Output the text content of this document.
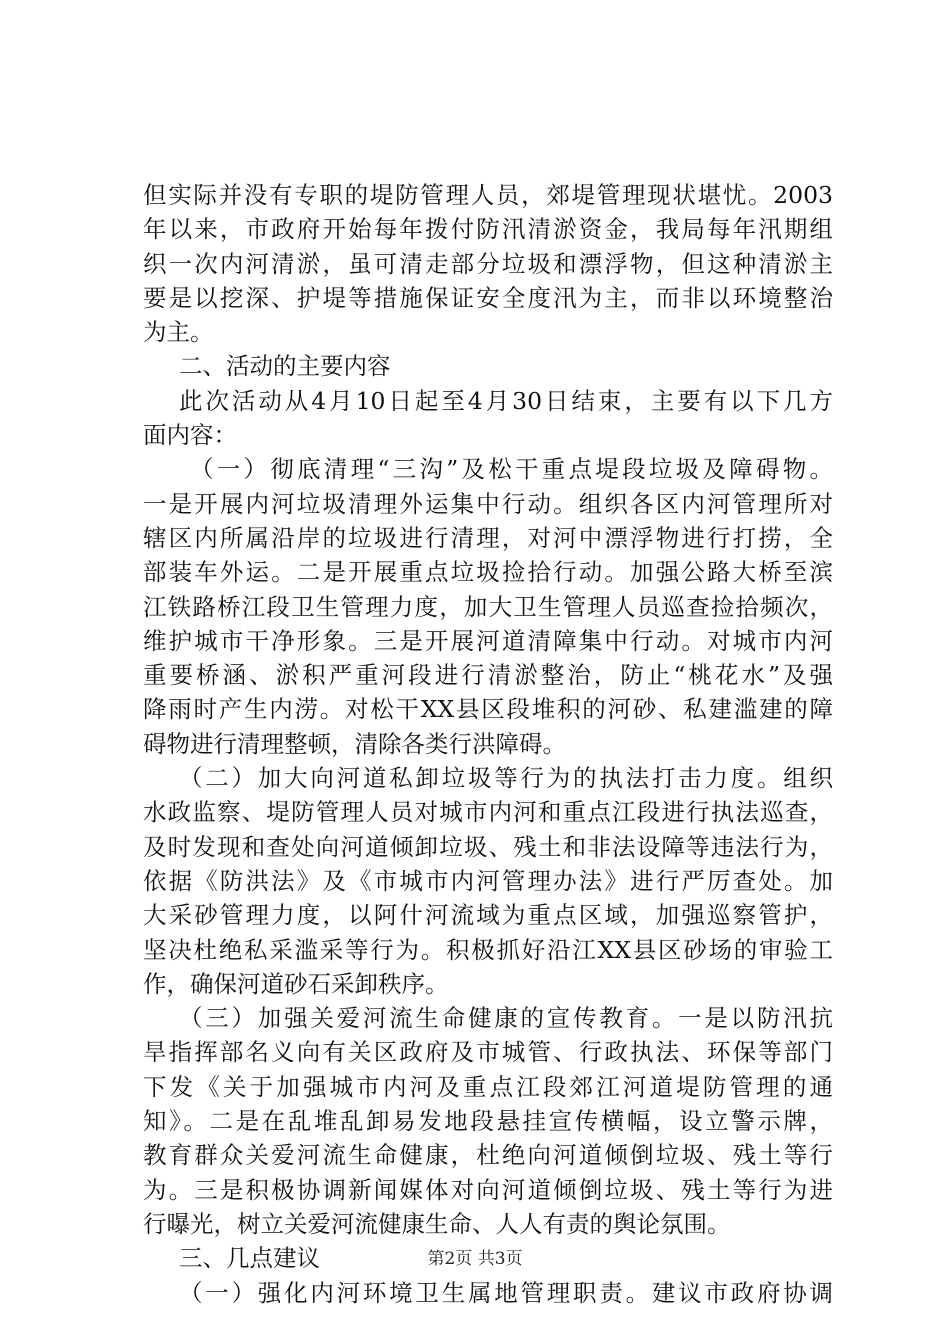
但实际并没有专职的堤防管理人员，郊堤管理现状堪忧。2003
年以来，市政府开始每年拨付防汛清淤资金，我局每年汛期组
织一次内河清淤，虽可清走部分垃圾和漂浮物，但这种清淤主
要是以挖深、护堤等措施保证安全度汛为主，而非以环境整治
为主。
二、活动的主要内容
此次活动从4月10日起至4月30日结束，主要有以下几方
面内容：
（一）彻底清理“三沟”及松干重点堤段垃圾及障碍物。
一是开展内河垃圾清理外运集中行动。组织各区内河管理所对
辖区内所属沿岸的垃圾进行清理，对河中漂浮物进行打捞，全
部装车外运。二是开展重点垃圾捡拾行动。加强公路大桥至滨
江铁路桥江段卫生管理力度，加大卫生管理人员巡查捡拾频次，
维护城市干净形象。三是开展河道清障集中行动。对城市内河
重要桥涵、淤积严重河段进行清淤整治，防止“桃花水”及强
降雨时产生内涝。对松干XX县区段堆积的河砂、私建滥建的障
碍物进行清理整顿，清除各类行洪障碍。
（二）加大向河道私卸垃圾等行为的执法打击力度。组织
水政监察、堤防管理人员对城市内河和重点江段进行执法巡查，
及时发现和查处向河道倾卸垃圾、残土和非法设障等违法行为，
依据《防洪法》及《市城市内河管理办法》进行严厉查处。加
大采砂管理力度，以阿什河流域为重点区域，加强巡察管护，
坚决杜绝私采滥采等行为。积极抓好沿江XX县区砂场的审验工
作，确保河道砂石采卸秩序。
（三）加强关爱河流生命健康的宣传教育。一是以防汛抗
旱指挥部名义向有关区政府及市城管、行政执法、环保等部门
下发《关于加强城市内河及重点江段郊江河道堤防管理的通
知》。二是在乱堆乱卸易发地段悬挂宣传横幅，设立警示牌，
教育群众关爱河流生命健康，杜绝向河道倾倒垃圾、残土等行
为。三是积极协调新闻媒体对向河道倾倒垃圾、残土等行为进
行曝光，树立关爱河流健康生命、人人有责的舆论氛围。
三、几点建议
（一）强化内河环境卫生属地管理职责。建议市政府协调
第2页 共3页
